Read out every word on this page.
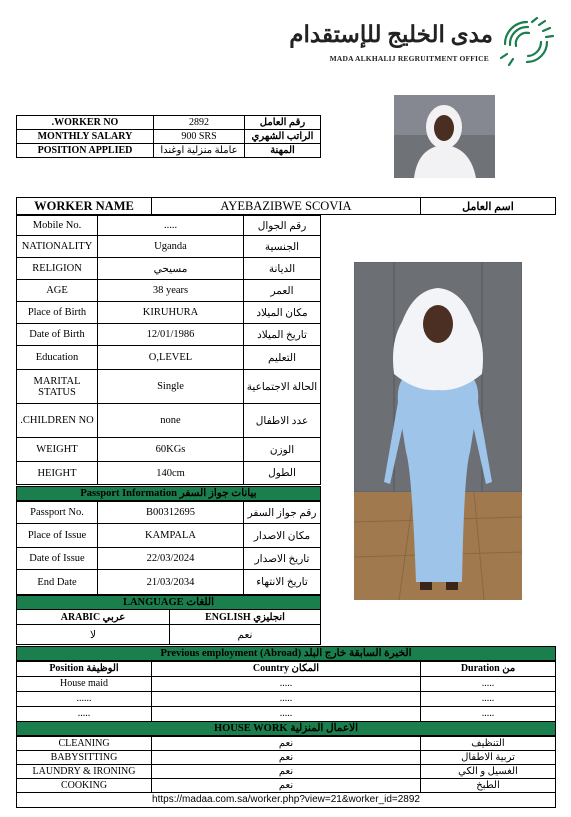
مدى الخليج للإستقدام
MADA ALKHALIJ REGRUITMENT OFFICE
.WORKER NO	2892	رقم العامل
MONTHLY SALARY	900 SRS	الراتب الشهري
POSITION APPLIED	عاملة منزلية اوغندا	المهنة
WORKER NAME	AYEBAZIBWE SCOVIA	اسم العامل
Mobile No.	.....	رقم الجوال
NATIONALITY	Uganda	الجنسية
RELIGION	مسيحي	الديانة
AGE	38 years	العمر
Place of Birth	KIRUHURA	مكان الميلاد
Date of Birth	12/01/1986	تاريخ الميلاد
Education	O,LEVEL	التعليم
MARITAL STATUS	Single	الحالة الاجتماعية
.CHILDREN NO	none	عدد الاطفال
WEIGHT	60KGs	الوزن
HEIGHT	140cm	الطول
Passport Information بيانات جواز السفر
Passport No.	B00312695	رقم جواز السفر
Place of Issue	KAMPALA	مكان الاصدار
Date of Issue	22/03/2024	تاريخ الاصدار
End Date	21/03/2034	تاريخ الانتهاء
LANGUAGE اللغات
ARABIC عربي	ENGLISH انجليزي
لا	نعم
Previous employment (Abroad) الخبرة السابقة خارج البلد
Position الوظيفة	Country المكان	Duration من
House maid	.....	.....
......	.....	.....
.....	.....	.....
HOUSE WORK الاعمال المنزلية
CLEANING	نعم	التنظيف
BABYSITTING	نعم	تربية الاطفال
LAUNDRY & IRONING	نعم	الغسيل و الكي
COOKING	نعم	الطبخ
https://madaa.com.sa/worker.php?view=21&worker_id=2892
